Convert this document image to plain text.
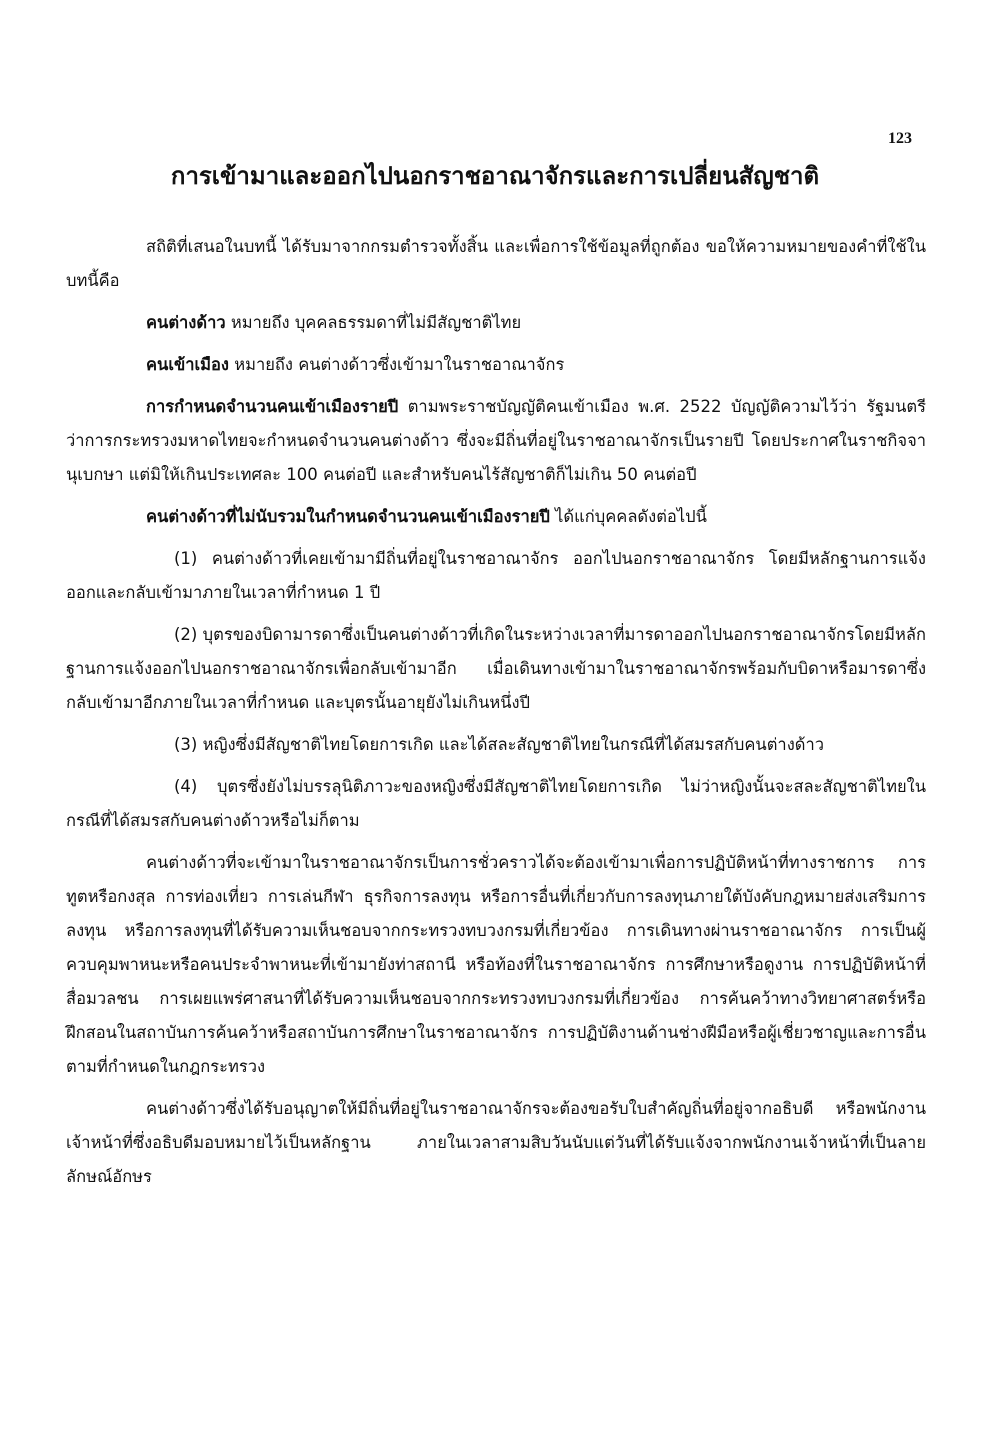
123
การเข้ามาและออกไปนอกราชอาณาจักรและการเปลี่ยนสัญชาติ

สถิติที่เสนอในบทนี้ ได้รับมาจากกรมตำรวจทั้งสิ้น และเพื่อการใช้ข้อมูลที่ถูกต้อง ขอให้ความหมายของคำที่ใช้ในบทนี้คือ

คนต่างด้าว หมายถึง บุคคลธรรมดาที่ไม่มีสัญชาติไทย

คนเข้าเมือง หมายถึง คนต่างด้าวซึ่งเข้ามาในราชอาณาจักร

การกำหนดจำนวนคนเข้าเมืองรายปี ตามพระราชบัญญัติคนเข้าเมือง พ.ศ. 2522 บัญญัติความไว้ว่า รัฐมนตรีว่าการกระทรวงมหาดไทยจะกำหนดจำนวนคนต่างด้าว ซึ่งจะมีถิ่นที่อยู่ในราชอาณาจักรเป็นรายปี โดยประกาศในราชกิจจานุเบกษา แต่มิให้เกินประเทศละ 100 คนต่อปี และสำหรับคนไร้สัญชาติก็ไม่เกิน 50 คนต่อปี

คนต่างด้าวที่ไม่นับรวมในกำหนดจำนวนคนเข้าเมืองรายปี ได้แก่บุคคลดังต่อไปนี้

(1) คนต่างด้าวที่เคยเข้ามามีถิ่นที่อยู่ในราชอาณาจักร ออกไปนอกราชอาณาจักร โดยมีหลักฐานการแจ้งออกและกลับเข้ามาภายในเวลาที่กำหนด 1 ปี

(2) บุตรของบิดามารดาซึ่งเป็นคนต่างด้าวที่เกิดในระหว่างเวลาที่มารดาออกไปนอกราชอาณาจักรโดยมีหลักฐานการแจ้งออกไปนอกราชอาณาจักรเพื่อกลับเข้ามาอีก เมื่อเดินทางเข้ามาในราชอาณาจักรพร้อมกับบิดาหรือมารดาซึ่งกลับเข้ามาอีกภายในเวลาที่กำหนด และบุตรนั้นอายุยังไม่เกินหนึ่งปี

(3) หญิงซึ่งมีสัญชาติไทยโดยการเกิด และได้สละสัญชาติไทยในกรณีที่ได้สมรสกับคนต่างด้าว

(4) บุตรซึ่งยังไม่บรรลุนิติภาวะของหญิงซึ่งมีสัญชาติไทยโดยการเกิด ไม่ว่าหญิงนั้นจะสละสัญชาติไทยในกรณีที่ได้สมรสกับคนต่างด้าวหรือไม่ก็ตาม

คนต่างด้าวที่จะเข้ามาในราชอาณาจักรเป็นการชั่วคราวได้จะต้องเข้ามาเพื่อการปฏิบัติหน้าที่ทางราชการ การทูตหรือกงสุล การท่องเที่ยว การเล่นกีฬา ธุรกิจการลงทุน หรือการอื่นที่เกี่ยวกับการลงทุนภายใต้บังคับกฎหมายส่งเสริมการลงทุน หรือการลงทุนที่ได้รับความเห็นชอบจากกระทรวงทบวงกรมที่เกี่ยวข้อง การเดินทางผ่านราชอาณาจักร การเป็นผู้ควบคุมพาหนะหรือคนประจำพาหนะที่เข้ามายังท่าสถานี หรือท้องที่ในราชอาณาจักร การศึกษาหรือดูงาน การปฏิบัติหน้าที่สื่อมวลชน การเผยแพร่ศาสนาที่ได้รับความเห็นชอบจากกระทรวงทบวงกรมที่เกี่ยวข้อง การค้นคว้าทางวิทยาศาสตร์หรือฝึกสอนในสถาบันการค้นคว้าหรือสถาบันการศึกษาในราชอาณาจักร การปฏิบัติงานด้านช่างฝีมือหรือผู้เชี่ยวชาญและการอื่นตามที่กำหนดในกฎกระทรวง

คนต่างด้าวซึ่งได้รับอนุญาตให้มีถิ่นที่อยู่ในราชอาณาจักรจะต้องขอรับใบสำคัญถิ่นที่อยู่จากอธิบดี หรือพนักงานเจ้าหน้าที่ซึ่งอธิบดีมอบหมายไว้เป็นหลักฐาน ภายในเวลาสามสิบวันนับแต่วันที่ได้รับแจ้งจากพนักงานเจ้าหน้าที่เป็นลายลักษณ์อักษร
